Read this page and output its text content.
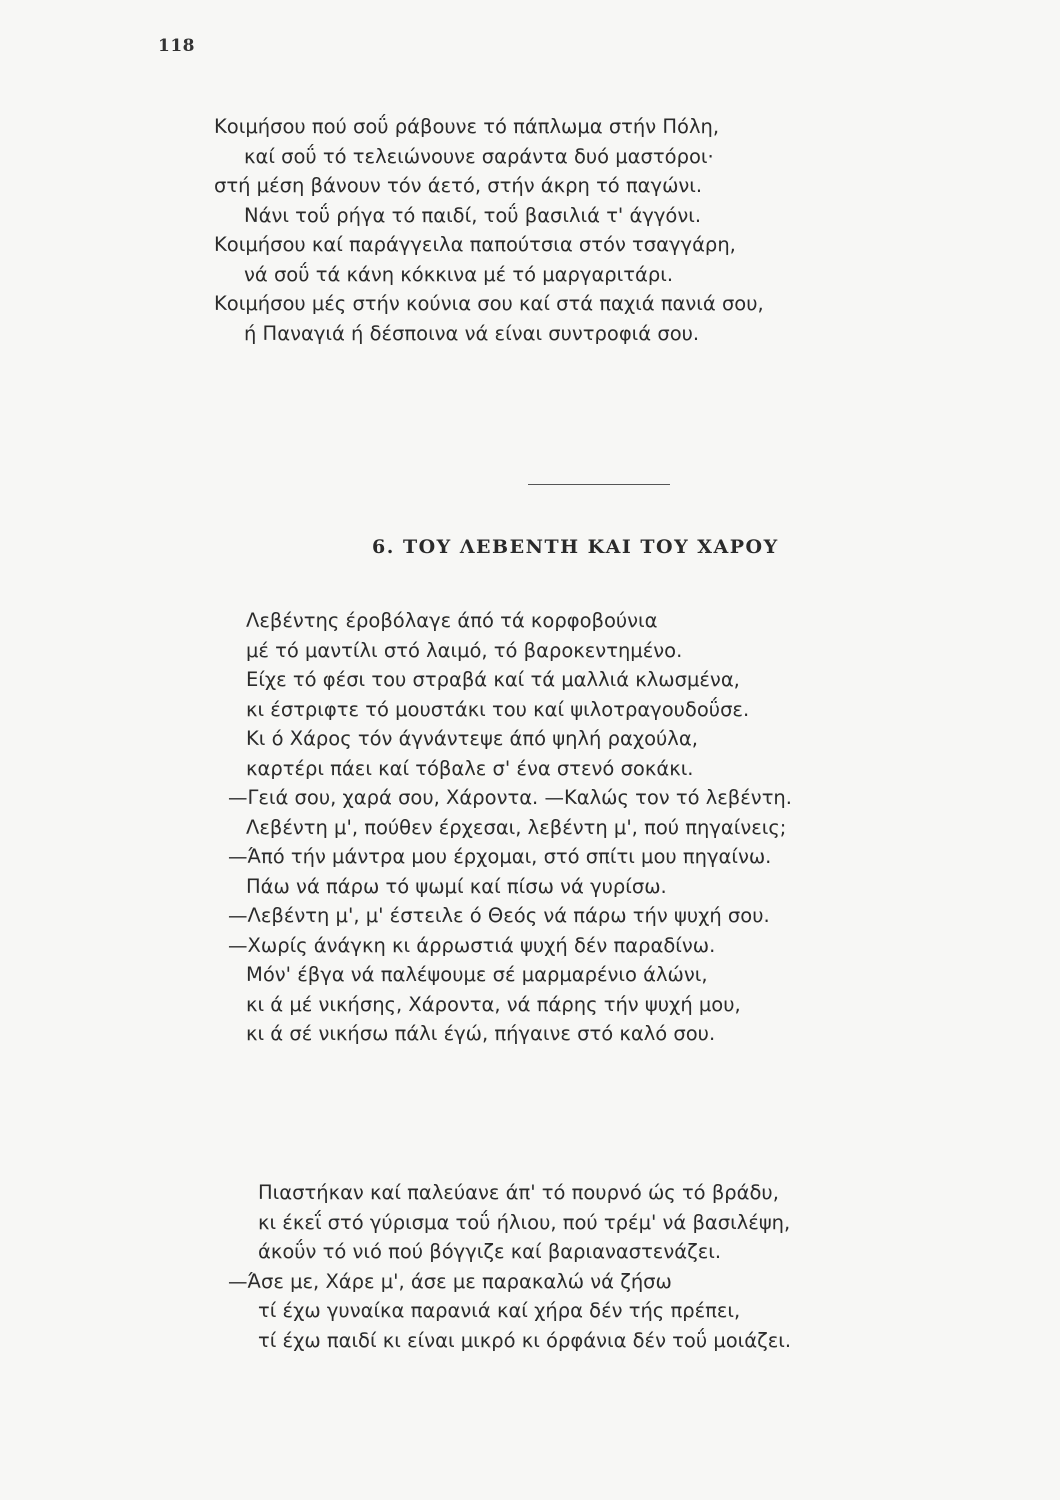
118
Κοιμήσου πού σοΰ ράβουνε τό πάπλωμα στήν Πόλη,
καί σοΰ τό τελειώνουνε σαράντα δυό μαστόροι·
στή μέση βάνουν τόν άετό, στήν άκρη τό παγώνι.
Νάνι τοΰ ρήγα τό παιδί, τοΰ βασιλιά τ' άγγόνι.
Κοιμήσου καί παράγγειλα παπούτσια στόν τσαγγάρη,
νά σοΰ τά κάνη κόκκινα μέ τό μαργαριτάρι.
Κοιμήσου μές στήν κούνια σου καί στά παχιά πανιά σου,
ή Παναγιά ή δέσποινα νά είναι συντροφιά σου.
6. ΤΟΥ ΛΕΒΕΝΤΗ ΚΑΙ ΤΟΥ ΧΑΡΟΥ
Λεβέντης έροβόλαγε άπό τά κορφοβούνια
μέ τό μαντίλι στό λαιμό, τό βαροκεντημένο.
Είχε τό φέσι του στραβά καί τά μαλλιά κλωσμένα,
κι έστριφτε τό μουστάκι του καί ψιλοτραγουδοΰσε.
Κι ό Χάρος τόν άγνάντεψε άπό ψηλή ραχούλα,
καρτέρι πάει καί τόβαλε σ' ένα στενό σοκάκι.
—Γειά σου, χαρά σου, Χάροντα. —Καλώς τον τό λεβέντη.
Λεβέντη μ', πούθεν έρχεσαι, λεβέντη μ', πού πηγαίνεις;
—Άπό τήν μάντρα μου έρχομαι, στό σπίτι μου πηγαίνω.
Πάω νά πάρω τό ψωμί καί πίσω νά γυρίσω.
—Λεβέντη μ', μ' έστειλε ό Θεός νά πάρω τήν ψυχή σου.
—Χωρίς άνάγκη κι άρρωστιά ψυχή δέν παραδίνω.
Μόν' έβγα νά παλέψουμε σέ μαρμαρένιο άλώνι,
κι ά μέ νικήσης, Χάροντα, νά πάρης τήν ψυχή μου,
κι ά σέ νικήσω πάλι έγώ, πήγαινε στό καλό σου.
Πιαστήκαν καί παλεύανε άπ' τό πουρνό ώς τό βράδυ,
κι έκεΐ στό γύρισμα τοΰ ήλιου, πού τρέμ' νά βασιλέψη,
άκοΰν τό νιό πού βόγγιζε καί βαριαναστενάζει.
—Άσε με, Χάρε μ', άσε με παρακαλώ νά ζήσω
τί έχω γυναίκα παρανιά καί χήρα δέν τής πρέπει,
τί έχω παιδί κι είναι μικρό κι όρφάνια δέν τοΰ μοιάζει.
